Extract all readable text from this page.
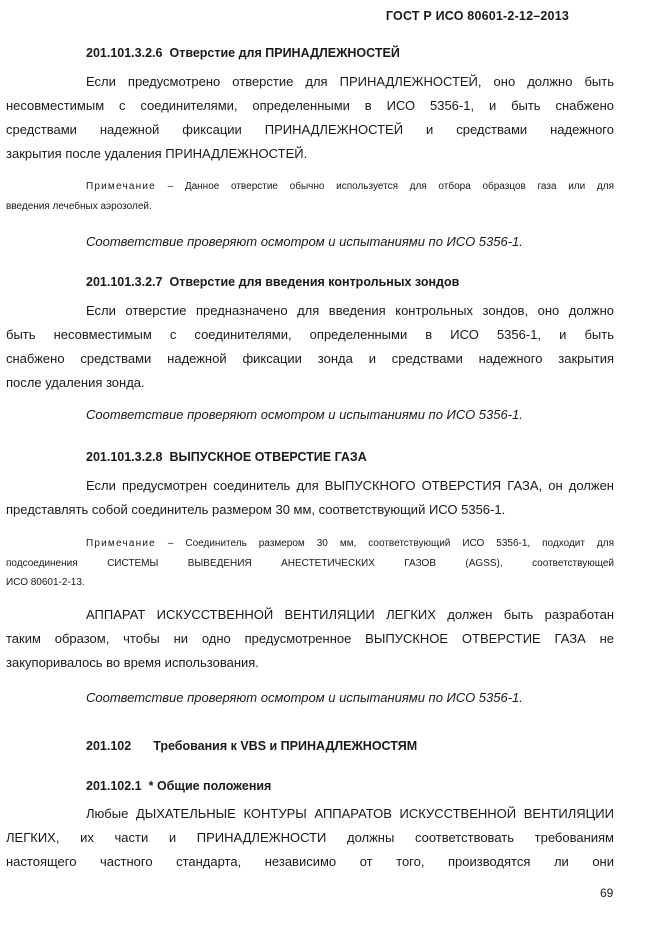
ГОСТ Р ИСО 80601-2-12–2013

201.101.3.2.6 Отверстие для ПРИНАДЛЕЖНОСТЕЙ

Если предусмотрено отверстие для ПРИНАДЛЕЖНОСТЕЙ, оно должно быть
несовместимым с соединителями, определенными в ИСО 5356-1, и быть снабжено
средствами надежной фиксации ПРИНАДЛЕЖНОСТЕЙ и средствами надежного
закрытия после удаления ПРИНАДЛЕЖНОСТЕЙ.

Примечание – Данное отверстие обычно используется для отбора образцов газа или для
введения лечебных аэрозолей.

Соответствие проверяют осмотром и испытаниями по ИСО 5356-1.

201.101.3.2.7 Отверстие для введения контрольных зондов

Если отверстие предназначено для введения контрольных зондов, оно должно
быть несовместимым с соединителями, определенными в ИСО 5356-1, и быть
снабжено средствами надежной фиксации зонда и средствами надежного закрытия
после удаления зонда.

Соответствие проверяют осмотром и испытаниями по ИСО 5356-1.

201.101.3.2.8 ВЫПУСКНОЕ ОТВЕРСТИЕ ГАЗА

Если предусмотрен соединитель для ВЫПУСКНОГО ОТВЕРСТИЯ ГАЗА, он должен
представлять собой соединитель размером 30 мм, соответствующий ИСО 5356-1.

Примечание – Соединитель размером 30 мм, соответствующий ИСО 5356-1, подходит для
подсоединения СИСТЕМЫ ВЫВЕДЕНИЯ АНЕСТЕТИЧЕСКИХ ГАЗОВ (AGSS), соответствующей
ИСО 80601-2-13.

АППАРАТ ИСКУССТВЕННОЙ ВЕНТИЛЯЦИИ ЛЕГКИХ должен быть разработан
таким образом, чтобы ни одно предусмотренное ВЫПУСКНОЕ ОТВЕРСТИЕ ГАЗА не
закупоривалось во время использования.

Соответствие проверяют осмотром и испытаниями по ИСО 5356-1.

201.102 Требования к VBS и ПРИНАДЛЕЖНОСТЯМ

201.102.1 * Общие положения

Любые ДЫХАТЕЛЬНЫЕ КОНТУРЫ АППАРАТОВ ИСКУССТВЕННОЙ ВЕНТИЛЯЦИИ
ЛЕГКИХ, их части и ПРИНАДЛЕЖНОСТИ должны соответствовать требованиям
настоящего частного стандарта, независимо от того, производятся ли они

69
